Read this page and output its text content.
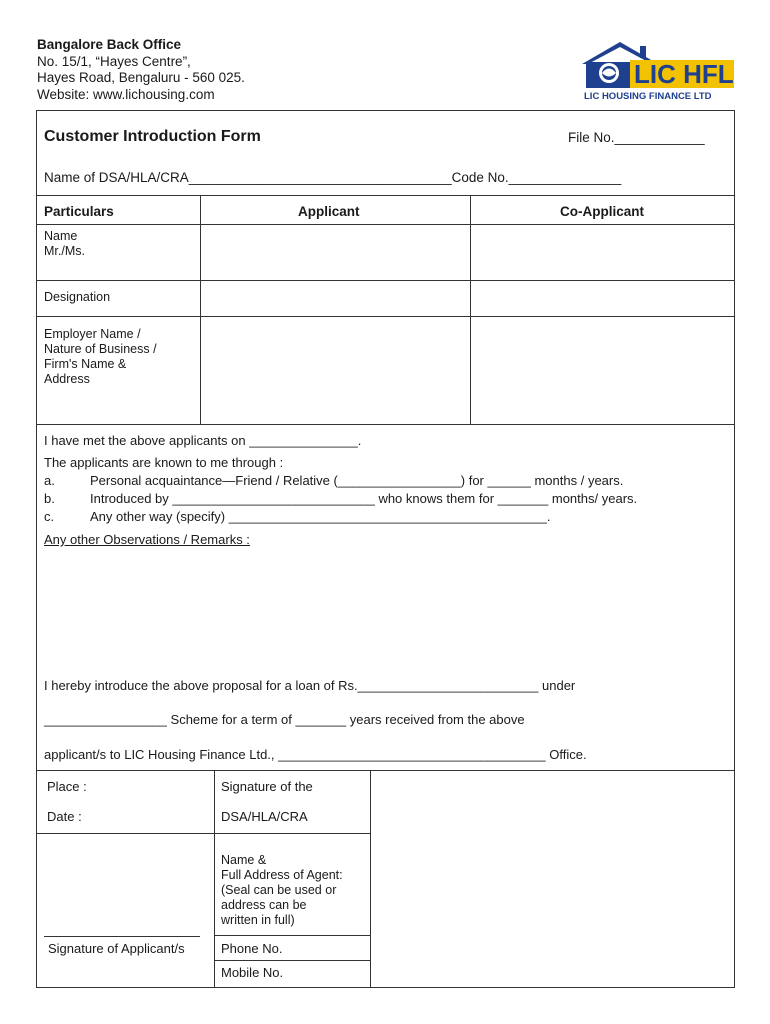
Bangalore Back Office
No. 15/1, “Hayes Centre”,
Hayes Road, Bengaluru - 560 025.
Website: www.lichousing.com
LIC HFL
LIC HOUSING FINANCE LTD
Customer Introduction Form	File No.____________
Name of DSA/HLA/CRA___________________________________Code No._______________
Particulars	Applicant	Co-Applicant
Name
Mr./Ms.
Designation
Employer Name /
Nature of Business /
Firm's Name &
Address
I have met the above applicants on _______________.
The applicants are known to me through :
a.	Personal acquaintance—Friend / Relative (_________________) for ______ months / years.
b.	Introduced by ____________________________ who knows them for _______ months/ years.
c.	Any other way (specify) ____________________________________________.
Any other Observations / Remarks :
I hereby introduce the above proposal for a loan of Rs._________________________ under
_________________ Scheme for a term of _______ years received from the above
applicant/s to LIC Housing Finance Ltd., _____________________________________ Office.
Place :
Date :
Signature of the
DSA/HLA/CRA
Name &
Full Address of Agent:
(Seal can be used or
address can be
written in full)
Signature of Applicant/s	Phone No.
Mobile No.
